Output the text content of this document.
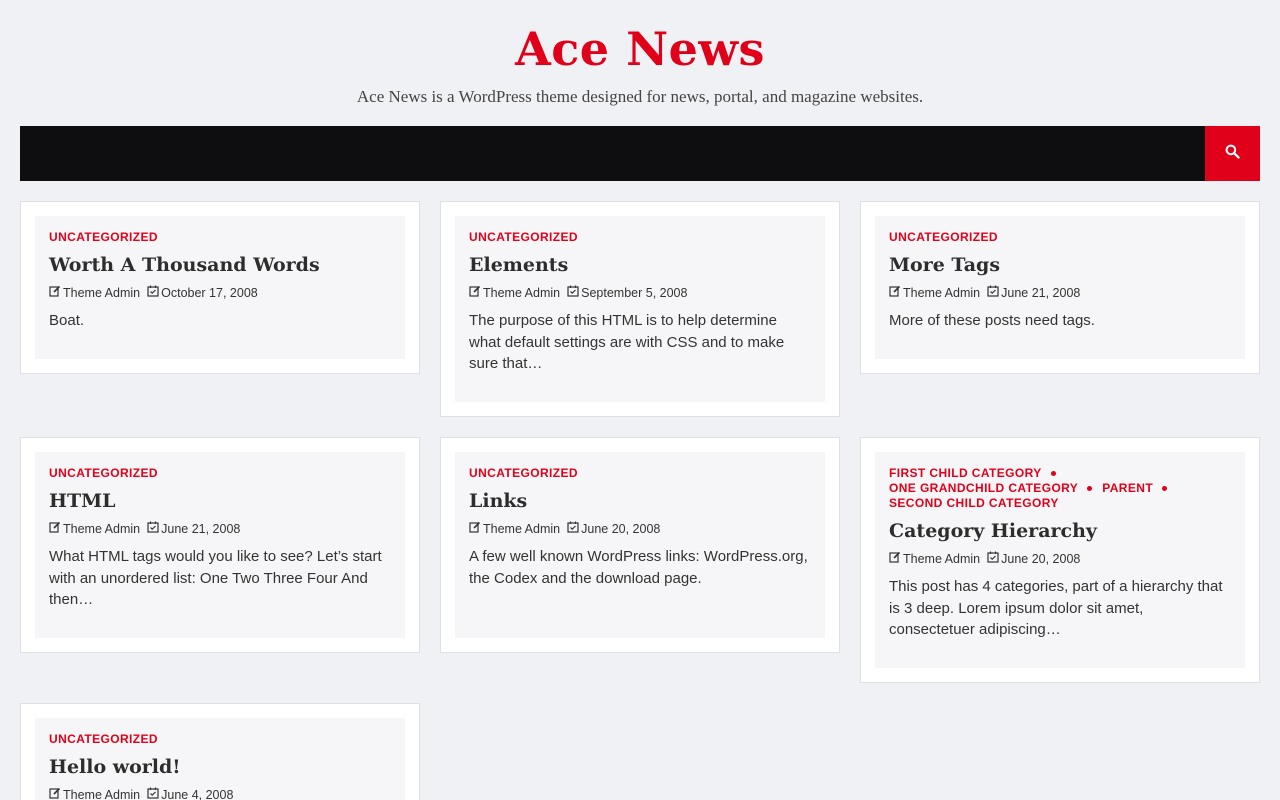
Ace News
Ace News is a WordPress theme designed for news, portal, and magazine websites.
UNCATEGORIZED
Worth A Thousand Words
Theme Admin October 17, 2008

Boat.

UNCATEGORIZED
Elements
Theme Admin September 5, 2008

The purpose of this HTML is to help determine what default settings are with CSS and to make sure that…

UNCATEGORIZED
More Tags
Theme Admin June 21, 2008

More of these posts need tags.

UNCATEGORIZED
HTML
Theme Admin June 21, 2008

What HTML tags would you like to see? Let’s start with an unordered list: One Two Three Four And then…

UNCATEGORIZED
Links
Theme Admin June 20, 2008

A few well known WordPress links: WordPress.org, the Codex and the download page.

FIRST CHILD CATEGORY
ONE GRANDCHILD CATEGORY PARENT
SECOND CHILD CATEGORY
Category Hierarchy
Theme Admin June 20, 2008

This post has 4 categories, part of a hierarchy that is 3 deep. Lorem ipsum dolor sit amet, consectetuer adipiscing…

UNCATEGORIZED
Hello world!
Theme Admin June 4, 2008
